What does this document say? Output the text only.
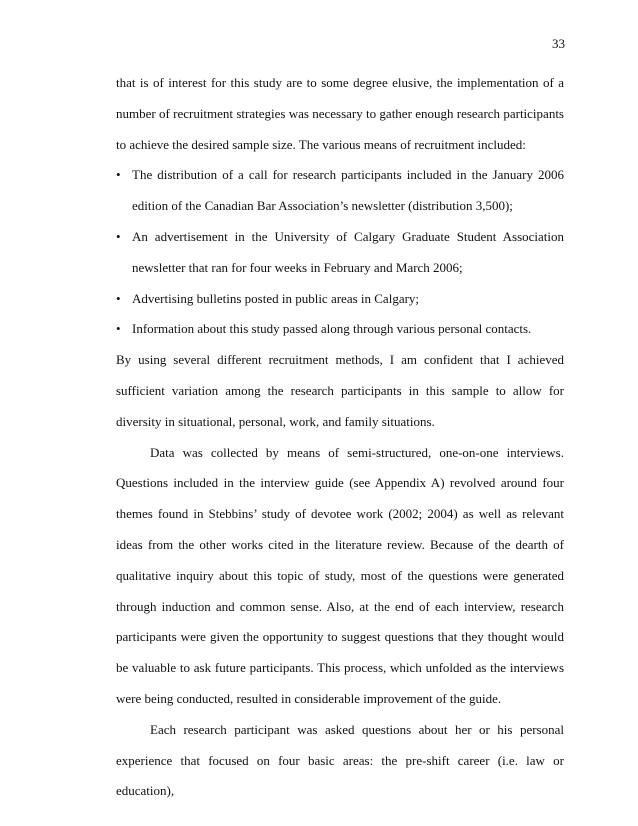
33

that is of interest for this study are to some degree elusive, the implementation of a number of recruitment strategies was necessary to gather enough research participants to achieve the desired sample size. The various means of recruitment included:

• The distribution of a call for research participants included in the January 2006 edition of the Canadian Bar Association’s newsletter (distribution 3,500);
• An advertisement in the University of Calgary Graduate Student Association newsletter that ran for four weeks in February and March 2006;
• Advertising bulletins posted in public areas in Calgary;
• Information about this study passed along through various personal contacts.

By using several different recruitment methods, I am confident that I achieved sufficient variation among the research participants in this sample to allow for diversity in situational, personal, work, and family situations.

Data was collected by means of semi-structured, one-on-one interviews. Questions included in the interview guide (see Appendix A) revolved around four themes found in Stebbins’ study of devotee work (2002; 2004) as well as relevant ideas from the other works cited in the literature review. Because of the dearth of qualitative inquiry about this topic of study, most of the questions were generated through induction and common sense. Also, at the end of each interview, research participants were given the opportunity to suggest questions that they thought would be valuable to ask future participants. This process, which unfolded as the interviews were being conducted, resulted in considerable improvement of the guide.

Each research participant was asked questions about her or his personal experience that focused on four basic areas: the pre-shift career (i.e. law or education),
